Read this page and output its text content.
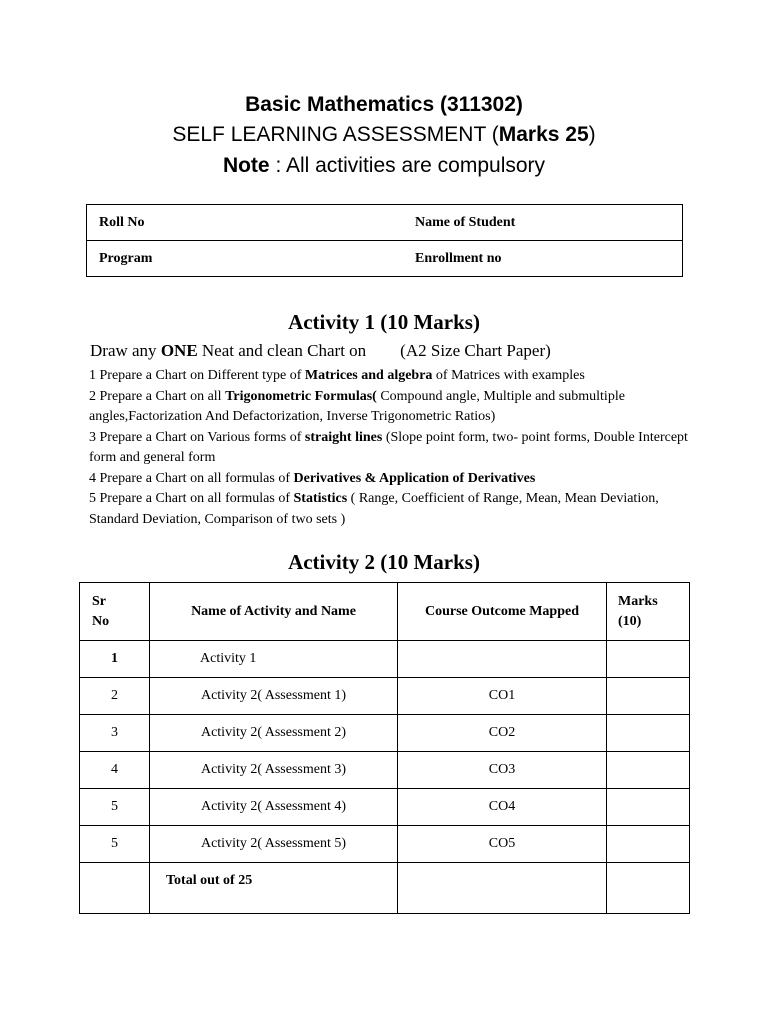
Basic Mathematics (311302)
SELF LEARNING ASSESSMENT (Marks 25)
Note : All activities are compulsory
Roll No	Name of Student
Program	Enrollment no
Activity 1 (10 Marks)
Draw any ONE Neat and clean Chart on        (A2 Size Chart Paper)
1 Prepare a Chart on Different type of Matrices and algebra of Matrices with examples
2 Prepare a Chart on all Trigonometric Formulas( Compound angle, Multiple and submultiple angles,Factorization And Defactorization, Inverse Trigonometric Ratios)
3 Prepare a Chart on Various forms of straight lines (Slope point form, two- point forms, Double Intercept form and general form
4 Prepare a Chart on all formulas of Derivatives & Application of Derivatives
5 Prepare a Chart on all formulas of Statistics ( Range, Coefficient of Range, Mean, Mean Deviation, Standard Deviation, Comparison of two sets )
Activity 2 (10 Marks)
Sr
No	Name of Activity and Name	Course Outcome Mapped	Marks
(10)
1	Activity 1		
2	Activity 2( Assessment 1)	CO1	
3	Activity 2( Assessment 2)	CO2	
4	Activity 2( Assessment 3)	CO3	
5	Activity 2( Assessment 4)	CO4	
5	Activity 2( Assessment 5)	CO5	
	Total out of 25		
